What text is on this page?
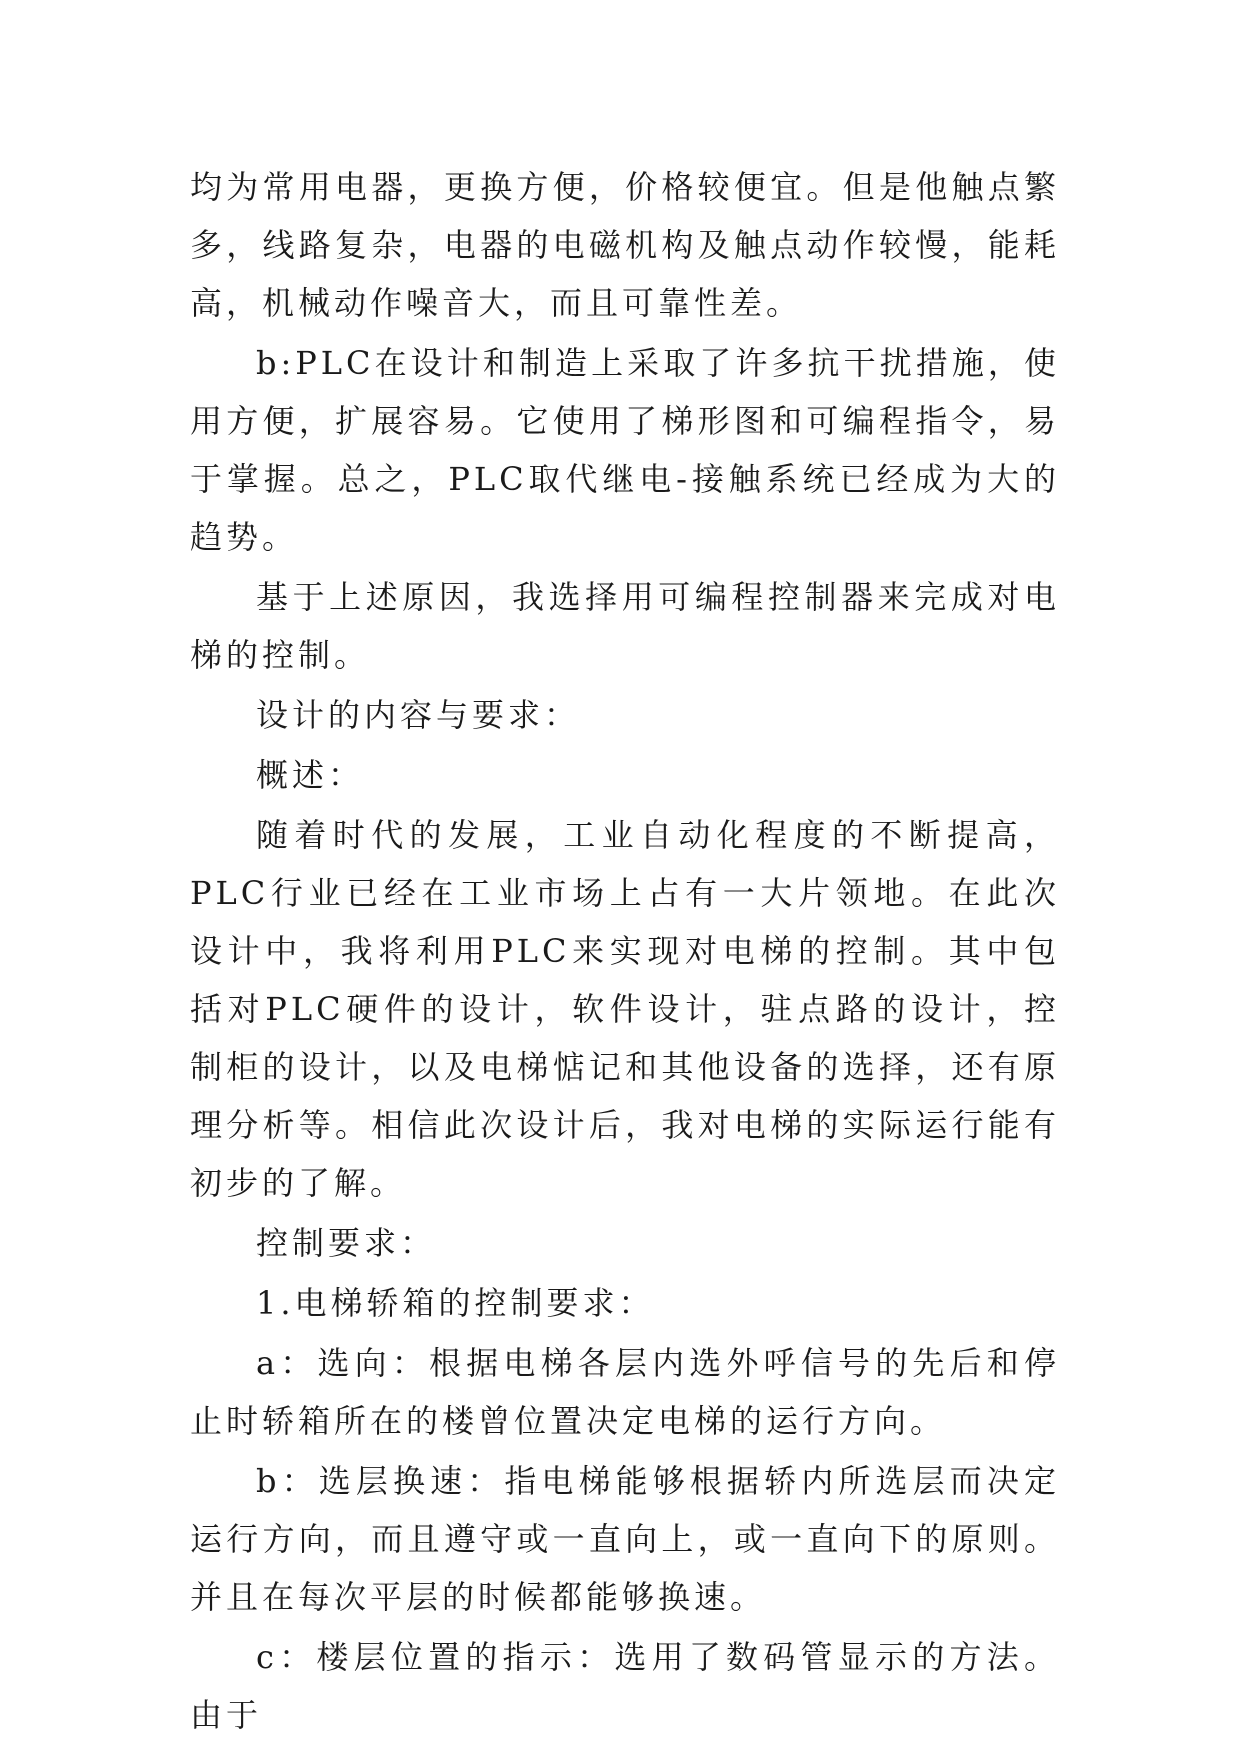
均为常用电器，更换方便，价格较便宜。但是他触点繁多，线路复杂，电器的电磁机构及触点动作较慢，能耗高，机械动作噪音大，而且可靠性差。

b:PLC在设计和制造上采取了许多抗干扰措施，使用方便，扩展容易。它使用了梯形图和可编程指令，易于掌握。总之，PLC取代继电-接触系统已经成为大的趋势。

基于上述原因，我选择用可编程控制器来完成对电梯的控制。

设计的内容与要求：

概述：

随着时代的发展，工业自动化程度的不断提高，PLC行业已经在工业市场上占有一大片领地。在此次设计中，我将利用PLC来实现对电梯的控制。其中包括对PLC硬件的设计，软件设计，驻点路的设计，控制柜的设计，以及电梯惦记和其他设备的选择，还有原理分析等。相信此次设计后，我对电梯的实际运行能有初步的了解。

控制要求：

1.电梯轿箱的控制要求：

a：选向：根据电梯各层内选外呼信号的先后和停止时轿箱所在的楼曾位置决定电梯的运行方向。

b：选层换速：指电梯能够根据轿内所选层而决定运行方向，而且遵守或一直向上，或一直向下的原则。并且在每次平层的时候都能够换速。

c：楼层位置的指示：选用了数码管显示的方法。由于
